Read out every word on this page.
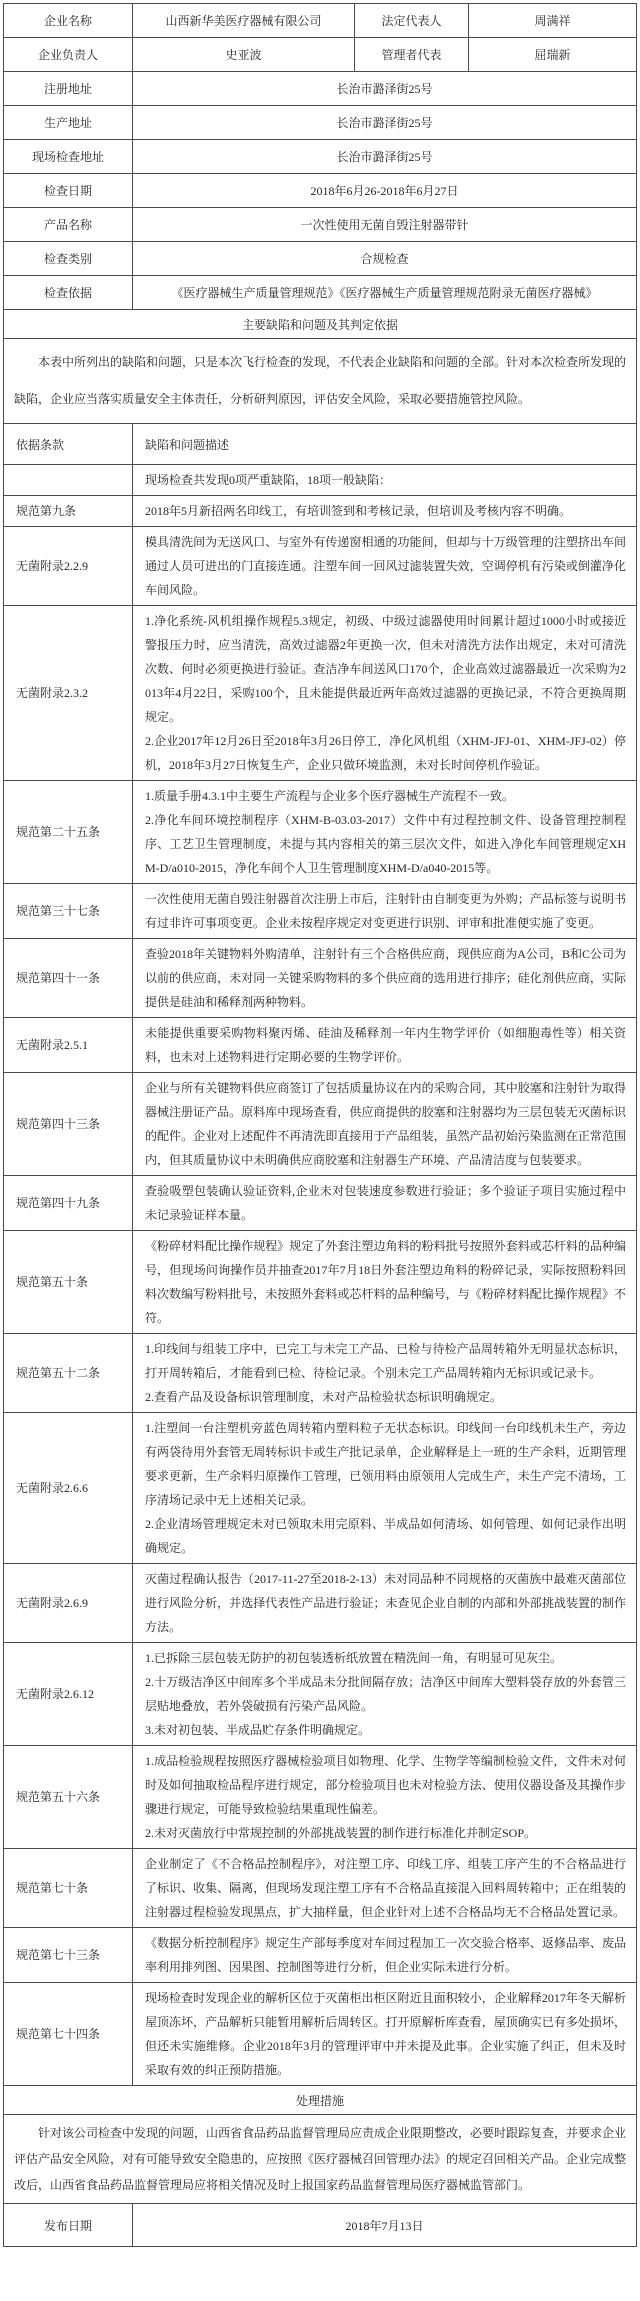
企业名称	山西新华美医疗器械有限公司	法定代表人	周满祥
企业负责人	史亚波	管理者代表	屈瑞新
注册地址	长治市潞泽街25号		
生产地址	长治市潞泽街25号		
现场检查地址	长治市潞泽街25号		
检查日期	2018年6月26-2018年6月27日		
产品名称	一次性使用无菌自毁注射器带针		
检查类别	合规检查		
检查依据	《医疗器械生产质量管理规范》《医疗器械生产质量管理规范附录无菌医疗器械》		
主要缺陷和问题及其判定依据			
本表中所列出的缺陷和问题，只是本次飞行检查的发现，不代表企业缺陷和问题的全部。针对本次检查所发现的缺陷，企业应当落实质量安全主体责任，分析研判原因，评估安全风险，采取必要措施管控风险。			
依据条款	缺陷和问题描述		

	现场检查共发现0项严重缺陷，18项一般缺陷：		

规范第九条	2018年5月新招两名印线工，有培训签到和考核记录，但培训及考核内容不明确。		

无菌附录2.2.9	模具清洗间为无送风口、与室外有传递窗相通的功能间，但却与十万级管理的注塑挤出车间通过人员可进出的门直接连通。注塑车间一回风过滤装置失效，空调停机有污染或倒灌净化车间风险。		

无菌附录2.3.2	1.净化系统-风机组操作规程5.3规定，初级、中级过滤器使用时间累计超过1000小时或接近警报压力时，应当清洗，高效过滤器2年更换一次，但未对清洗方法作出规定，未对可清洗次数、何时必须更换进行验证。查洁净车间送风口170个，企业高效过滤器最近一次采购为2013年4月22日，采购100个，且未能提供最近两年高效过滤器的更换记录，不符合更换周期规定。

2.企业2017年12月26日至2018年3月26日停工，净化风机组（XHM-JFJ-01、XHM-JFJ-02）停机，2018年3月27日恢复生产，企业只做环境监测，未对长时间停机作验证。		

规范第二十五条	1.质量手册4.3.1中主要生产流程与企业多个医疗器械生产流程不一致。

2.净化车间环境控制程序（XHM-B-03.03-2017）文件中有过程控制文件、设备管理控制程序、工艺卫生管理制度，未提与其内容相关的第三层次文件，如进入净化车间管理规定XHM-D/a010-2015，净化车间个人卫生管理制度XHM-D/a040-2015等。		

规范第三十七条	一次性使用无菌自毁注射器首次注册上市后，注射针由自制变更为外购；产品标签与说明书有过非许可事项变更。企业未按程序规定对变更进行识别、评审和批准便实施了变更。		

规范第四十一条	查验2018年关键物料外购清单，注射针有三个合格供应商，现供应商为A公司，B和C公司为以前的供应商，未对同一关键采购物料的多个供应商的选用进行排序；硅化剂供应商，实际提供是硅油和稀释剂两种物料。		

无菌附录2.5.1	未能提供重要采购物料聚丙烯、硅油及稀释剂一年内生物学评价（如细胞毒性等）相关资料，也未对上述物料进行定期必要的生物学评价。		

规范第四十三条	企业与所有关键物料供应商签订了包括质量协议在内的采购合同，其中胶塞和注射针为取得器械注册证产品。原料库中现场查看，供应商提供的胶塞和注射器均为三层包装无灭菌标识的配件。企业对上述配件不再清洗即直接用于产品组装，虽然产品初始污染监测在正常范围内，但其质量协议中未明确供应商胶塞和注射器生产环境、产品清洁度与包装要求。		

规范第四十九条	查验吸塑包装确认验证资料,企业未对包装速度参数进行验证；多个验证子项目实施过程中未记录验证样本量。		

规范第五十条	《粉碎材料配比操作规程》规定了外套注塑边角料的粉料批号按照外套料或芯杆料的品种编号，但现场问询操作员并抽查2017年7月18日外套注塑边角料的粉碎记录，实际按照粉料回料次数编写粉料批号，未按照外套料或芯杆料的品种编号，与《粉碎材料配比操作规程》不符。		

规范第五十二条	1.印线间与组装工序中，已完工与未完工产品、已检与待检产品周转箱外无明显状态标识，打开周转箱后，才能看到已检、待检记录。个别未完工产品周转箱内无标识或记录卡。

2.查看产品及设备标识管理制度，未对产品检验状态标识明确规定。		

无菌附录2.6.6	1.注塑间一台注塑机旁蓝色周转箱内塑料粒子无状态标识。印线间一台印线机未生产，旁边有两袋待用外套管无周转标识卡或生产批记录单，企业解释是上一班的生产余料，近期管理要求更新，生产余料归原操作工管理，已领用料由原领用人完成生产，未生产完不清场，工序清场记录中无上述相关记录。

2.企业清场管理规定未对已领取未用完原料、半成品如何清场、如何管理、如何记录作出明确规定。		

无菌附录2.6.9	灭菌过程确认报告（2017-11-27至2018-2-13）未对同品种不同规格的灭菌族中最难灭菌部位进行风险分析，并选择代表性产品进行验证；未查见企业自制的内部和外部挑战装置的制作方法。		

无菌附录2.6.12	1.已拆除三层包装无防护的初包装透析纸放置在精洗间一角，有明显可见灰尘。

2.十万级洁净区中间库多个半成品未分批间隔存放；洁净区中间库大塑料袋存放的外套管三层贴地叠放，若外袋破损有污染产品风险。

3.未对初包装、半成品贮存条件明确规定。		

规范第五十六条	1.成品检验规程按照医疗器械检验项目如物理、化学、生物学等编制检验文件，文件未对何时及如何抽取检品程序进行规定，部分检验项目也未对检验方法、使用仪器设备及其操作步骤进行规定，可能导致检验结果重现性偏差。

2.未对灭菌放行中常规控制的外部挑战装置的制作进行标准化并制定SOP。		

规范第七十条	企业制定了《不合格品控制程序》，对注塑工序、印线工序、组装工序产生的不合格品进行了标识、收集、隔离，但现场发现注塑工序有不合格品直接混入回料周转箱中；正在组装的注射器过程检验发现黑点，扩大抽样量，但企业针对上述不合格品均无不合格品处置记录。		

规范第七十三条	《数据分析控制程序》规定生产部每季度对车间过程加工一次交验合格率、返修品率、废品率利用排列图、因果图、控制图等进行分析，但企业实际未进行分析。		

规范第七十四条	现场检查时发现企业的解析区位于灭菌柜出柜区附近且面积较小，企业解释2017年冬天解析屋顶冻坏，产品解析只能暂用解析后周转区。打开原解析库查看，屋顶确实已有多处损坏，但还未实施维修。企业2018年3月的管理评审中并未提及此事。企业实施了纠正，但未及时采取有效的纠正预防措施。		

处理措施			
针对该公司检查中发现的问题，山西省食品药品监督管理局应责成企业限期整改，必要时跟踪复查，并要求企业评估产品安全风险，对有可能导致安全隐患的，应按照《医疗器械召回管理办法》的规定召回相关产品。企业完成整改后，山西省食品药品监督管理局应将相关情况及时上报国家药品监督管理局医疗器械监管部门。			
发布日期	2018年7月13日		
